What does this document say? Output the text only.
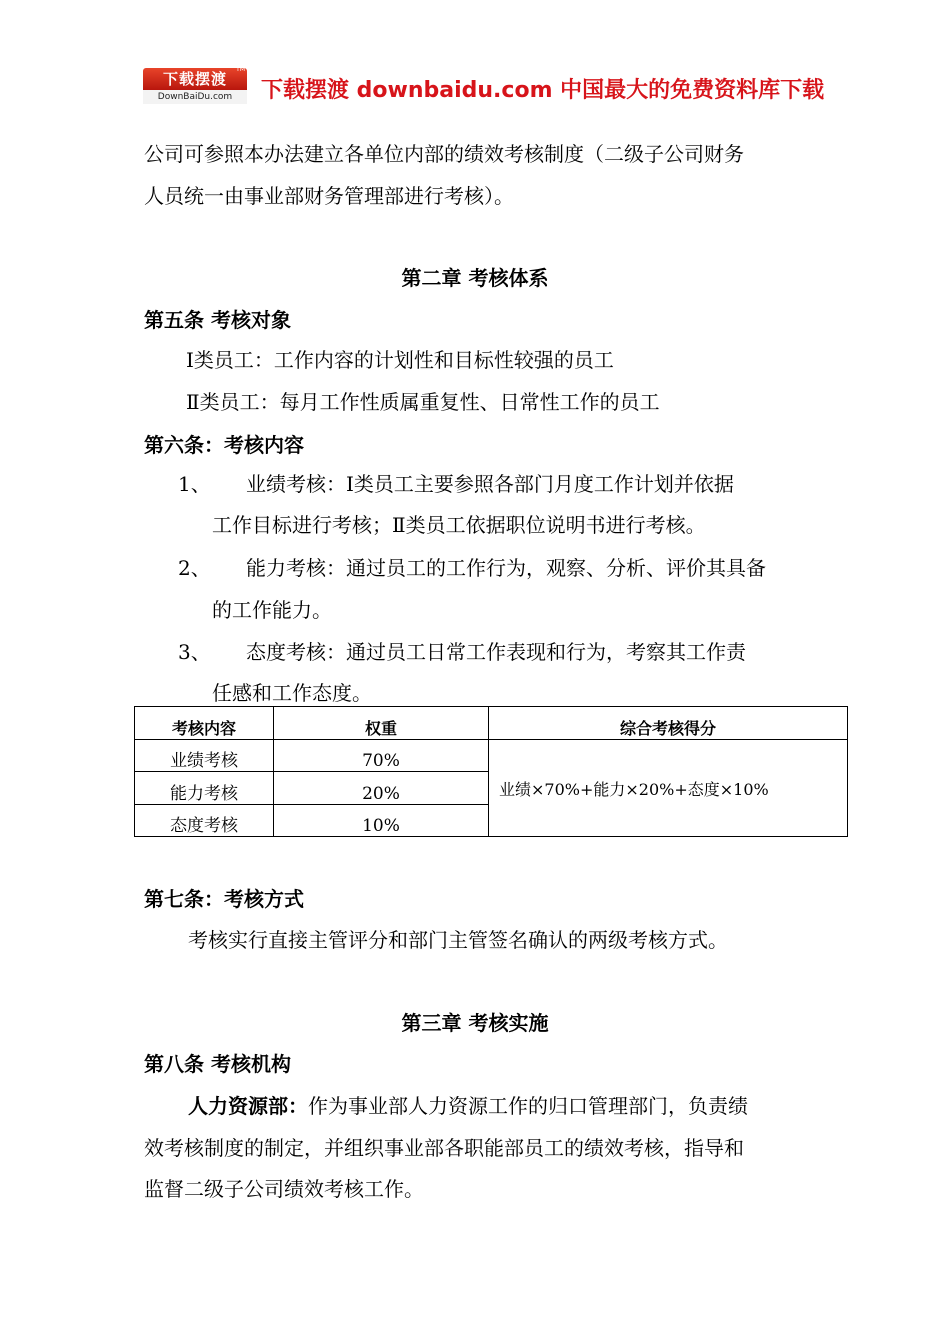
下载摆渡
TM
DownBaiDu.com	下载摆渡 downbaidu.com 中国最大的免费资料库下载
公司可参照本办法建立各单位内部的绩效考核制度（二级子公司财务
人员统一由事业部财务管理部进行考核）。
第二章 考核体系
第五条 考核对象
Ⅰ类员工：工作内容的计划性和目标性较强的员工
Ⅱ类员工：每月工作性质属重复性、日常性工作的员工
第六条：考核内容
1、 业绩考核：Ⅰ类员工主要参照各部门月度工作计划并依据
工作目标进行考核；Ⅱ类员工依据职位说明书进行考核。
2、 能力考核：通过员工的工作行为，观察、分析、评价其具备
的工作能力。
3、 态度考核：通过员工日常工作表现和行为，考察其工作责
任感和工作态度。
考核内容	权重	综合考核得分
业绩考核	70%	业绩×70%+能力×20%+态度×10%
能力考核	20%	
态度考核	10%	
第七条：考核方式
考核实行直接主管评分和部门主管签名确认的两级考核方式。
第三章 考核实施
第八条 考核机构
人力资源部：作为事业部人力资源工作的归口管理部门，负责绩
效考核制度的制定，并组织事业部各职能部员工的绩效考核，指导和
监督二级子公司绩效考核工作。
